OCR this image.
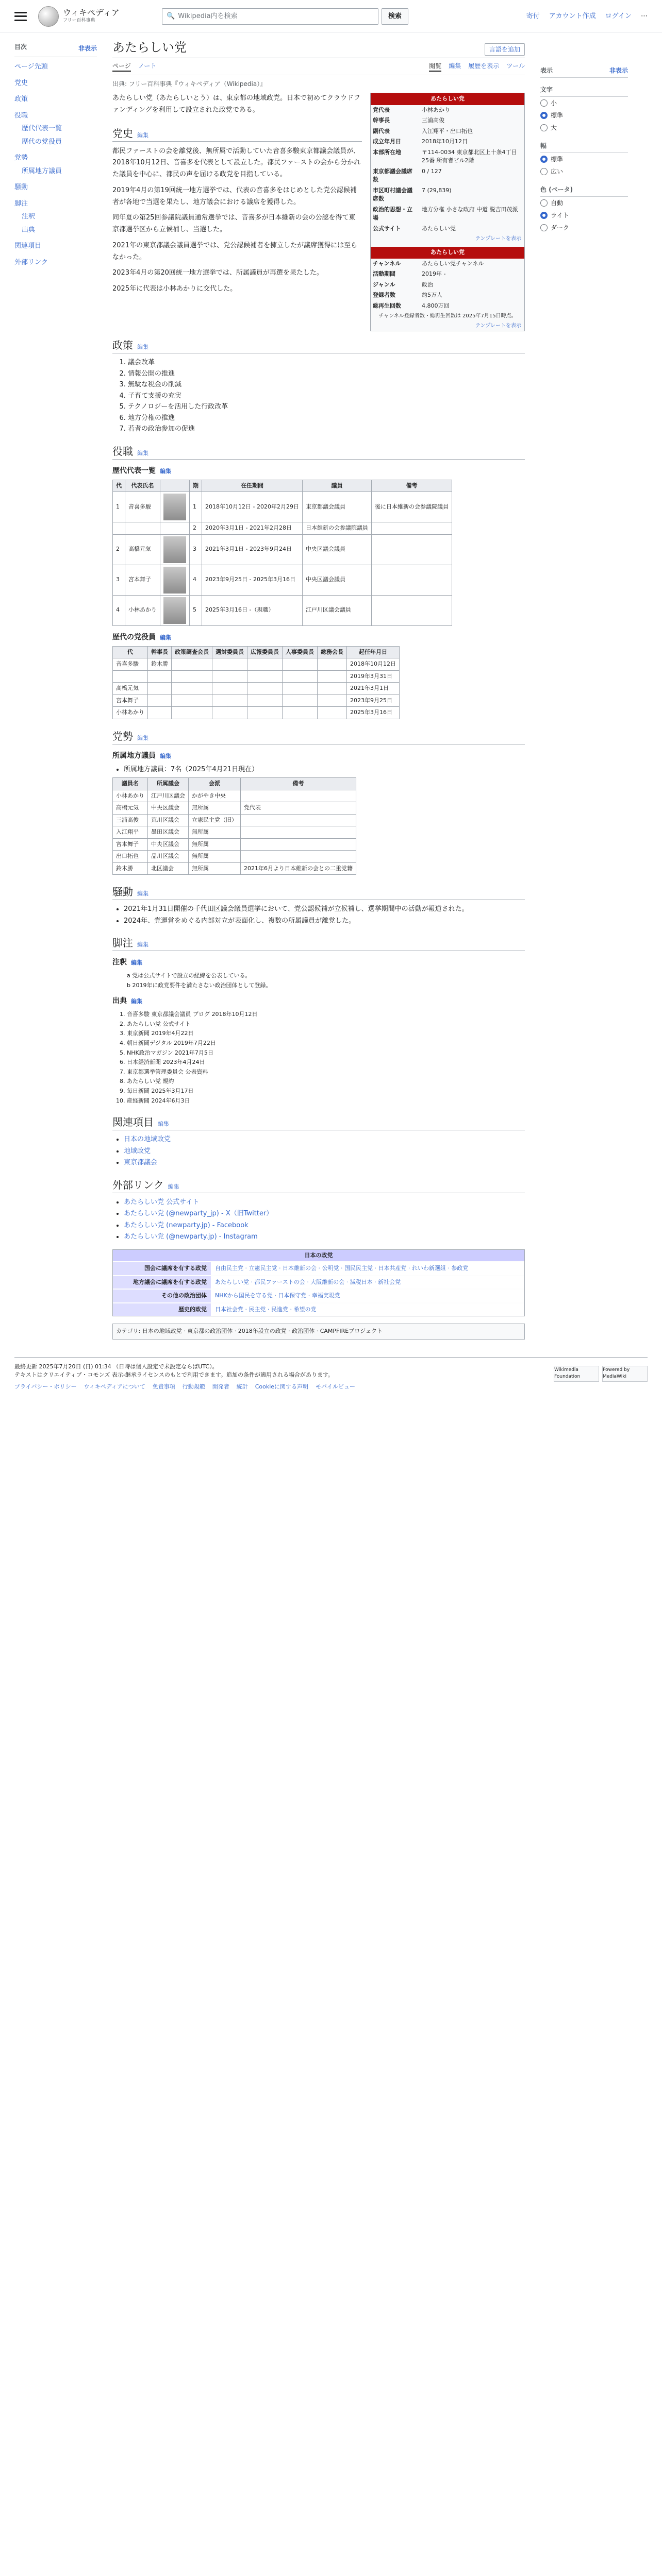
ウィキペディア
フリー百科事典
🔍 Wikipedia内を検索	検索	寄付 アカウント作成 ログイン ⋯
目次	非表示
ページ先頭
党史
政策
役職
歴代代表一覧
歴代の党役員
党勢
所属地方議員
騒動
脚注
注釈
出典
関連項目
外部リンク
あたらしい党	言語を追加
ページ ノート	閲覧 編集 履歴を表示 ツール
出典: フリー百科事典『ウィキペディア（Wikipedia）』
あたらしい党
党代表	小林あかり
幹事長	三浦高俊
副代表	入江翔平・出口拓也
成立年月日	2018年10月12日
本部所在地	〒114-0034 東京都北区上十条4丁目25番 所有者ビル2階
東京都議会議席数	0 / 127
市区町村議会議席数	7 (29,839)
政治的思想・立場	地方分権 小さな政府 中道 脱吉田茂派
公式サイト	あたらしい党
テンプレートを表示
あたらしい党
チャンネル	あたらしい党チャンネル
活動期間	2019年 -
ジャンル	政治
登録者数	約5万人
総再生回数	4,800万回
チャンネル登録者数・総再生回数は 2025年7月15日時点。
テンプレートを表示

あたらしい党（あたらしいとう）は、東京都の地域政党。日本で初めてクラウドファンディングを利用して設立された政党である。

党史 編集

都民ファーストの会を離党後、無所属で活動していた音喜多駿東京都議会議員が、2018年10月12日、音喜多を代表として設立した。都民ファーストの会から分かれた議員を中心に、都民の声を届ける政党を目指している。

2019年4月の第19回統一地方選挙では、代表の音喜多をはじめとした党公認候補者が各地で当選を果たし、地方議会における議席を獲得した。

同年夏の第25回参議院議員通常選挙では、音喜多が日本維新の会の公認を得て東京都選挙区から立候補し、当選した。

2021年の東京都議会議員選挙では、党公認候補者を擁立したが議席獲得には至らなかった。

2023年4月の第20回統一地方選挙では、所属議員が再選を果たした。

2025年に代表は小林あかりに交代した。

政策 編集
1. 議会改革
2. 情報公開の推進
3. 無駄な税金の削減
4. 子育て支援の充実
5. テクノロジーを活用した行政改革
6. 地方分権の推進
7. 若者の政治参加の促進
役職 編集
歴代代表一覧 編集
代	代表氏名		期	在任期間	議員	備考
1	音喜多駿		1	2018年10月12日 - 2020年2月29日	東京都議会議員	後に日本維新の会参議院議員
			2	2020年3月1日 - 2021年2月28日	日本維新の会参議院議員	
2	高橋元気		3	2021年3月1日 - 2023年9月24日	中央区議会議員	
3	宮本舞子		4	2023年9月25日 - 2025年3月16日	中央区議会議員	
4	小林あかり		5	2025年3月16日 -（現職）	江戸川区議会議員	
歴代の党役員 編集
代	幹事長	政策調査会長	選対委員長	広報委員長	人事委員長	総務会長	起任年月日
音喜多駿	鈴木勝						2018年10月12日
							2019年3月31日
高橋元気							2021年3月1日
宮本舞子							2023年9月25日
小林あかり							2025年3月16日
党勢 編集
所属地方議員 編集
• 所属地方議員：7名（2025年4月21日現在）
議員名	所属議会	会派	備考
小林あかり	江戸川区議会	かがやき中央	
高橋元気	中央区議会	無所属	党代表
三浦高俊	荒川区議会	立憲民主党（旧）	
入江翔平	墨田区議会	無所属	
宮本舞子	中央区議会	無所属	
出口拓也	品川区議会	無所属	
鈴木勝	北区議会	無所属	2021年6月より日本維新の会との二重党籍
騒動 編集
• 2021年1月31日開催の千代田区議会議員選挙において、党公認候補が立候補し、選挙期間中の活動が報道された。
• 2024年、党運営をめぐる内部対立が表面化し、複数の所属議員が離党した。
脚注 編集
注釈 編集
a 党は公式サイトで設立の経緯を公表している。
b 2019年に政党要件を満たさない政治団体として登録。
出典 編集
1. 音喜多駿 東京都議会議員 ブログ 2018年10月12日
2. あたらしい党 公式サイト
3. 東京新聞 2019年4月22日
4. 朝日新聞デジタル 2019年7月22日
5. NHK政治マガジン 2021年7月5日
6. 日本経済新聞 2023年4月24日
7. 東京都選挙管理委員会 公表資料
8. あたらしい党 規約
9. 毎日新聞 2025年3月17日
10. 産経新聞 2024年6月3日
関連項目 編集
• 日本の地域政党
• 地域政党
• 東京都議会
外部リンク 編集
• あたらしい党 公式サイト
• あたらしい党 (@newparty_jp) - X（旧Twitter）
• あたらしい党 (newparty.jp) - Facebook
• あたらしい党 (@newparty.jp) - Instagram
日本の政党
国会に議席を有する政党	自由民主党 · 立憲民主党 · 日本維新の会 · 公明党 · 国民民主党 · 日本共産党 · れいわ新選組 · 参政党
地方議会に議席を有する政党	あたらしい党 · 都民ファーストの会 · 大阪維新の会 · 減税日本 · 新社会党
その他の政治団体	NHKから国民を守る党 · 日本保守党 · 幸福実現党
歴史的政党	日本社会党 · 民主党 · 民進党 · 希望の党
カテゴリ: 日本の地域政党 · 東京都の政治団体 · 2018年設立の政党 · 政治団体 · CAMPFIREプロジェクト
表示	非表示
文字
小
標準
大
幅
標準
広い
色 (ベータ)
自動
ライト
ダーク
最終更新 2025年7月20日 (日) 01:34 （日時は個人設定で未設定ならばUTC）。
テキストはクリエイティブ・コモンズ 表示-継承ライセンスのもとで利用できます。追加の条件が適用される場合があります。
プライバシー・ポリシー ウィキペディアについて 免責事項 行動規範 開発者 統計 Cookieに関する声明 モバイルビュー
Wikimedia Foundation
Powered by MediaWiki
